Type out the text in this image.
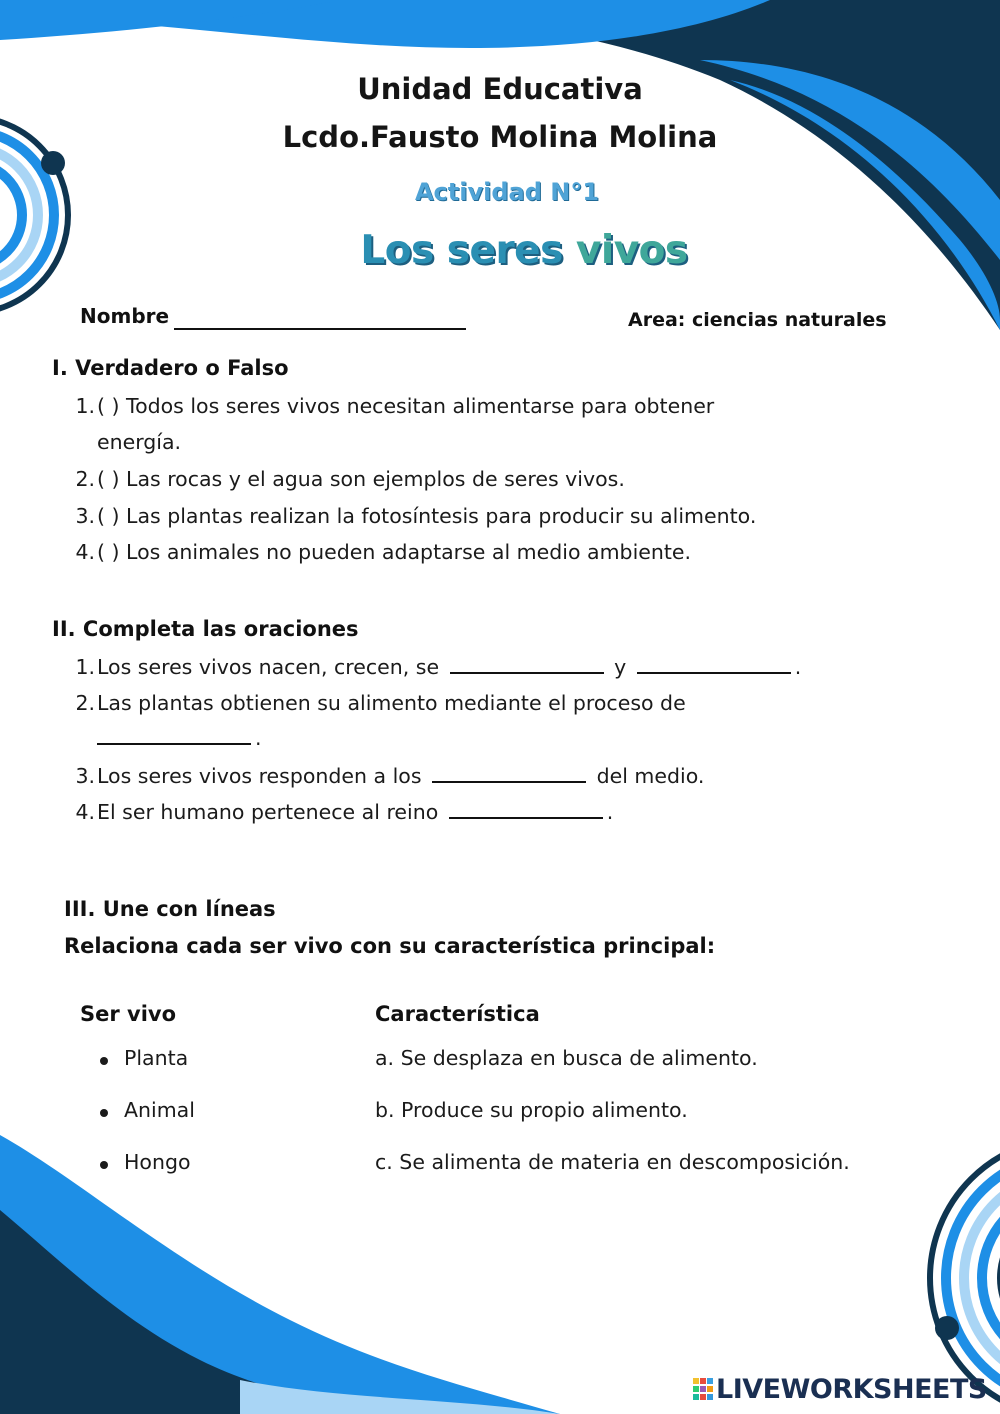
Unidad Educativa
Lcdo.Fausto Molina Molina
Actividad N°1
Los seres vivos
Nombre	Area: ciencias naturales
I. Verdadero o Falso
1. ( ) Todos los seres vivos necesitan alimentarse para obtener
energía.
2. ( ) Las rocas y el agua son ejemplos de seres vivos.
3. ( ) Las plantas realizan la fotosíntesis para producir su alimento.
4. ( ) Los animales no pueden adaptarse al medio ambiente.
II. Completa las oraciones
1. Los seres vivos nacen, crecen, se	y	.
2. Las plantas obtienen su alimento mediante el proceso de
.
3. Los seres vivos responden a los	del medio.
4. El ser humano pertenece al reino	.
III. Une con líneas
Relaciona cada ser vivo con su característica principal:
Ser vivo	Característica
Planta	a. Se desplaza en busca de alimento.
Animal	b. Produce su propio alimento.
Hongo	c. Se alimenta de materia en descomposición.
LIVEWORKSHEETS
